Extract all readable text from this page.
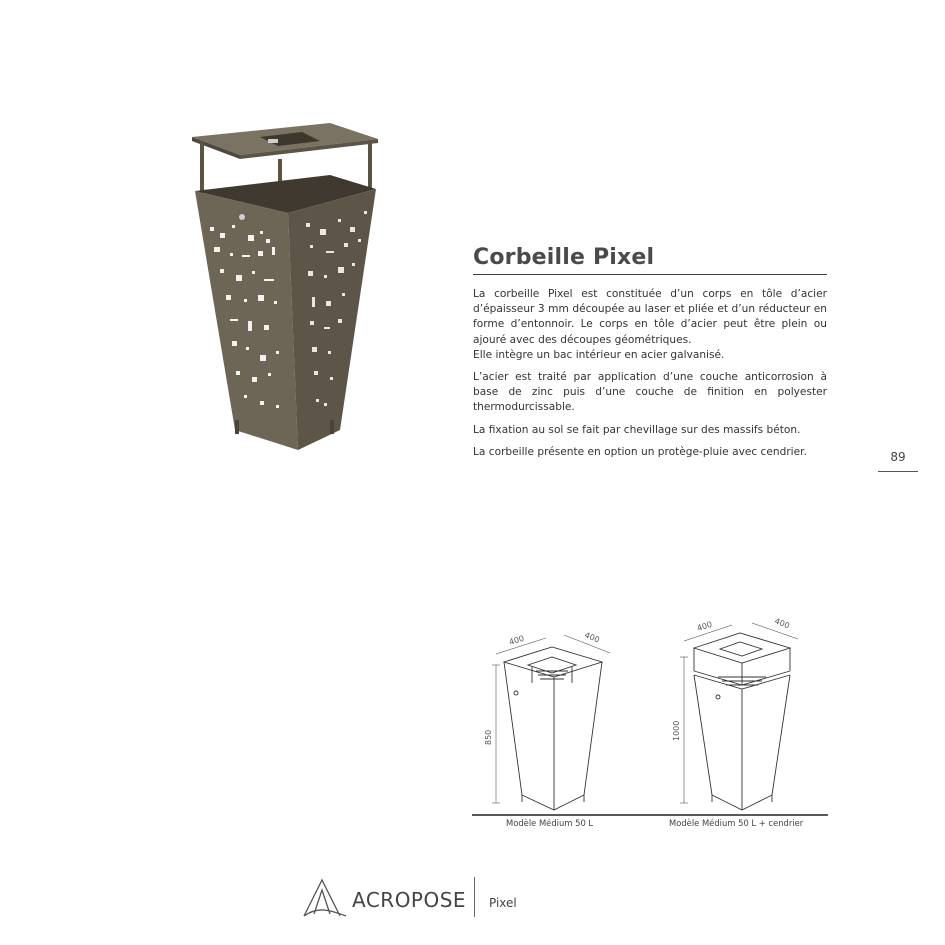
Corbeille Pixel

La corbeille Pixel est constituée d’un corps en tôle d’acier d’épaisseur 3 mm découpée au laser et pliée et d’un réducteur en forme d’entonnoir. Le corps en tôle d’acier peut être plein ou ajouré avec des découpes géométriques.
Elle intègre un bac intérieur en acier galvanisé.

L’acier est traité par application d’une couche anticorrosion à base de zinc puis d’une couche de finition en polyester thermodurcissable.

La fixation au sol se fait par chevillage sur des massifs béton.

La corbeille présente en option un protège-pluie avec cendrier.	89
400	400
850
400	400
1000
Modèle Médium 50 L	Modèle Médium 50 L + cendrier
ACROPOSE Pixel
